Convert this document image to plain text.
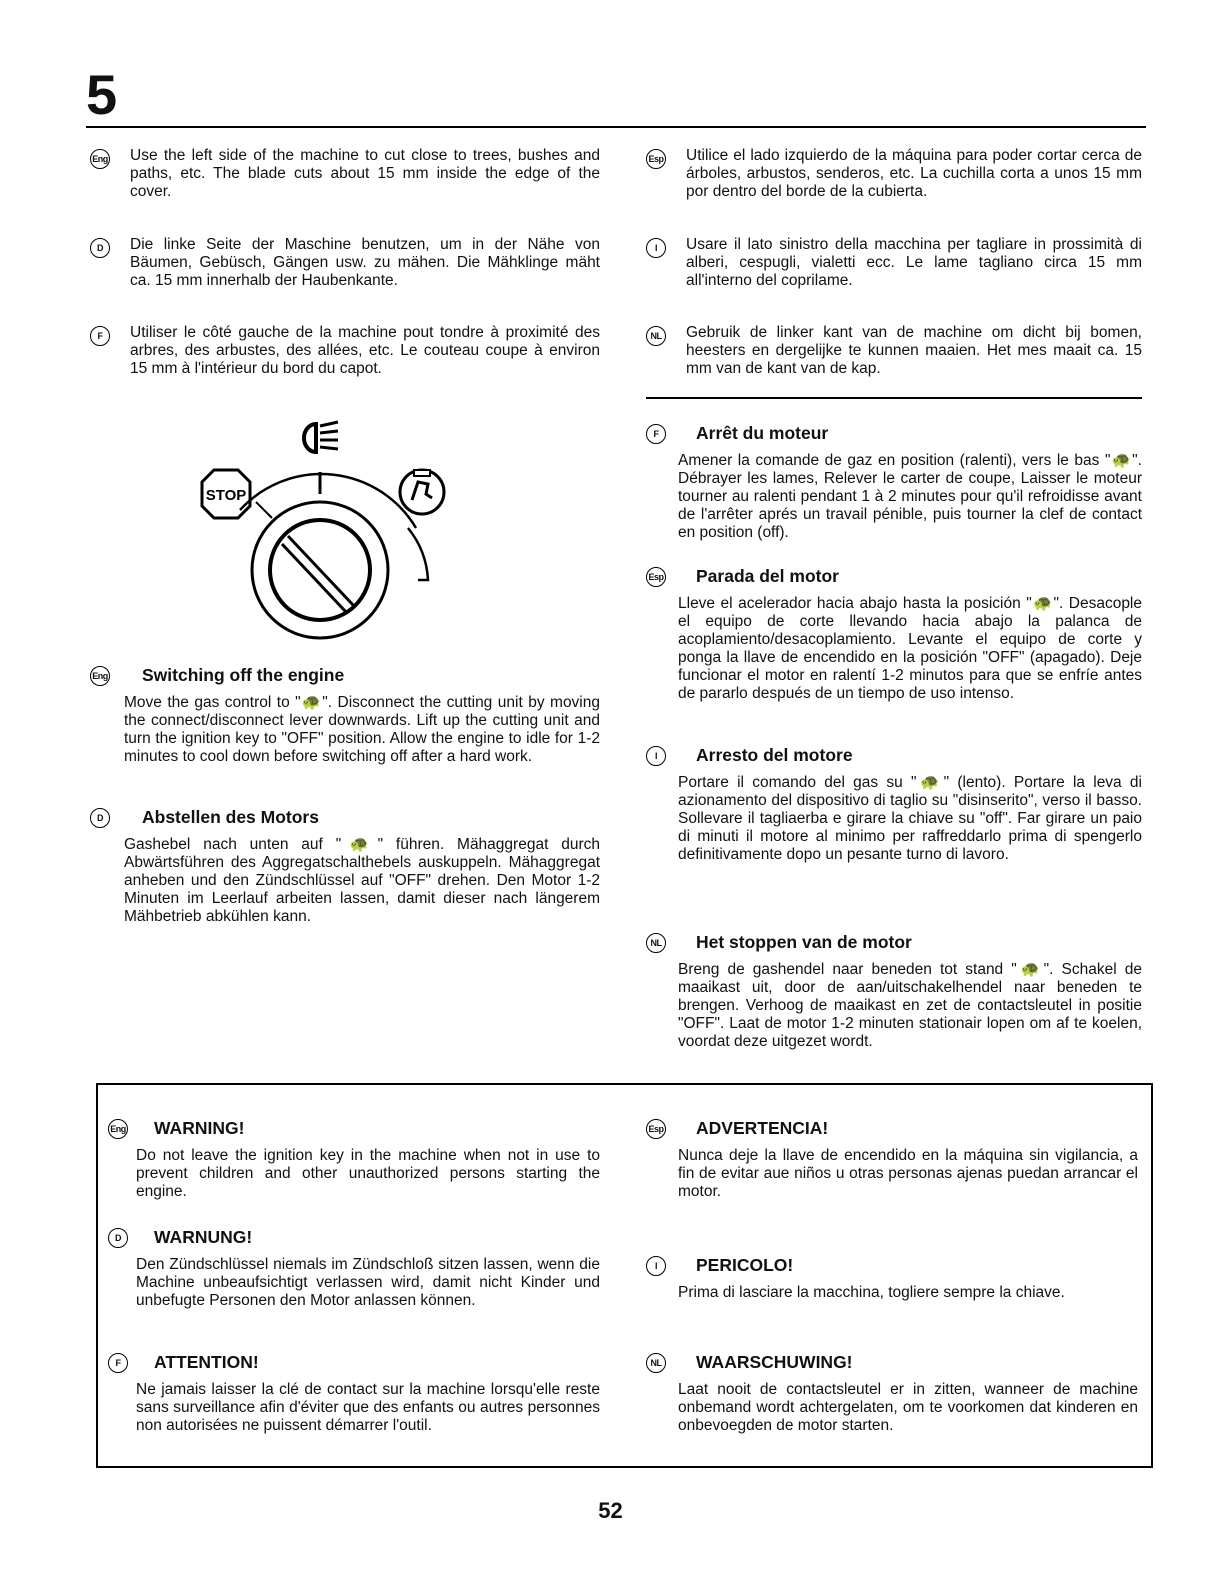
5
Eng Use the left side of the machine to cut close to trees, bushes and paths, etc. The blade cuts about 15 mm inside the edge of the cover.
D	Die linke Seite der Maschine benutzen, um in der Nähe von Bäumen, Gebüsch, Gängen usw. zu mähen. Die Mähklinge mäht ca. 15 mm innerhalb der Haubenkante.
F	Utiliser le côté gauche de la machine pout tondre à proximité des arbres, des arbustes, des allées, etc. Le couteau coupe à environ 15 mm à l'intérieur du bord du capot.
STOP
Eng Switching off the engine
Move the gas control to "🐢". Disconnect the cutting unit by moving the connect/disconnect lever downwards. Lift up the cutting unit and turn the ignition key to "OFF" position. Allow the engine to idle for 1-2 minutes to cool down before switching off after a hard work.
D	Abstellen des Motors
Gashebel nach unten auf "🐢" führen. Mähaggregat durch Abwärtsführen des Aggregatschalthebels auskuppeln. Mähaggregat anheben und den Zündschlüssel auf "OFF" drehen. Den Motor 1-2 Minuten im Leerlauf arbeiten lassen, damit dieser nach längerem Mähbetrieb abkühlen kann.
Esp Utilice el lado izquierdo de la máquina para poder cortar cerca de árboles, arbustos, senderos, etc. La cuchilla corta a unos 15 mm por dentro del borde de la cubierta.
I	Usare il lato sinistro della macchina per tagliare in prossimità di alberi, cespugli, vialetti ecc. Le lame tagliano circa 15 mm all'interno del coprilame.
NL Gebruik de linker kant van de machine om dicht bij bomen, heesters en dergelijke te kunnen maaien. Het mes maait ca. 15 mm van de kant van de kap.
F	Arrêt du moteur
Amener la comande de gaz en position (ralenti), vers le bas "🐢". Débrayer les lames, Relever le carter de coupe, Laisser le moteur tourner au ralenti pendant 1 à 2 minutes pour qu'il refroidisse avant de l'arrêter aprés un travail pénible, puis tourner la clef de contact en position (off).
Esp Parada del motor
Lleve el acelerador hacia abajo hasta la posición "🐢". Desacople el equipo de corte llevando hacia abajo la palanca de acoplamiento/desacoplamiento. Levante el equipo de corte y ponga la llave de encendido en la posición "OFF" (apagado). Deje funcionar el motor en ralentí 1-2 minutos para que se enfríe antes de pararlo después de un tiempo de uso intenso.
I	Arresto del motore
Portare il comando del gas su "🐢" (lento). Portare la leva di azionamento del dispositivo di taglio su "disinserito", verso il basso. Sollevare il tagliaerba e girare la chiave su "off". Far girare un paio di minuti il motore al minimo per raffreddarlo prima di spengerlo definitivamente dopo un pesante turno di lavoro.
NL Het stoppen van de motor
Breng de gashendel naar beneden tot stand "🐢". Schakel de maaikast uit, door de aan/uitschakelhendel naar beneden te brengen. Verhoog de maaikast en zet de contactsleutel in positie "OFF". Laat de motor 1-2 minuten stationair lopen om af te koelen, voordat deze uitgezet wordt.
Eng WARNING!
Do not leave the ignition key in the machine when not in use to prevent children and other unauthorized persons starting the engine.
D	WARNUNG!
Den Zündschlüssel niemals im Zündschloß sitzen lassen, wenn die Machine unbeaufsichtigt verlassen wird, damit nicht Kinder und unbefugte Personen den Motor anlassen können.
F	ATTENTION!
Ne jamais laisser la clé de contact sur la machine lorsqu'elle reste sans surveillance afin d'éviter que des enfants ou autres personnes non autorisées ne puissent démarrer l'outil.
Esp ADVERTENCIA!
Nunca deje la llave de encendido en la máquina sin vigilancia, a fin de evitar aue niños u otras personas ajenas puedan arrancar el motor.
I	PERICOLO!
Prima di lasciare la macchina, togliere sempre la chiave.
NL WAARSCHUWING!
Laat nooit de contactsleutel er in zitten, wanneer de machine onbemand wordt achtergelaten, om te voorkomen dat kinderen en onbevoegden de motor starten.
52
